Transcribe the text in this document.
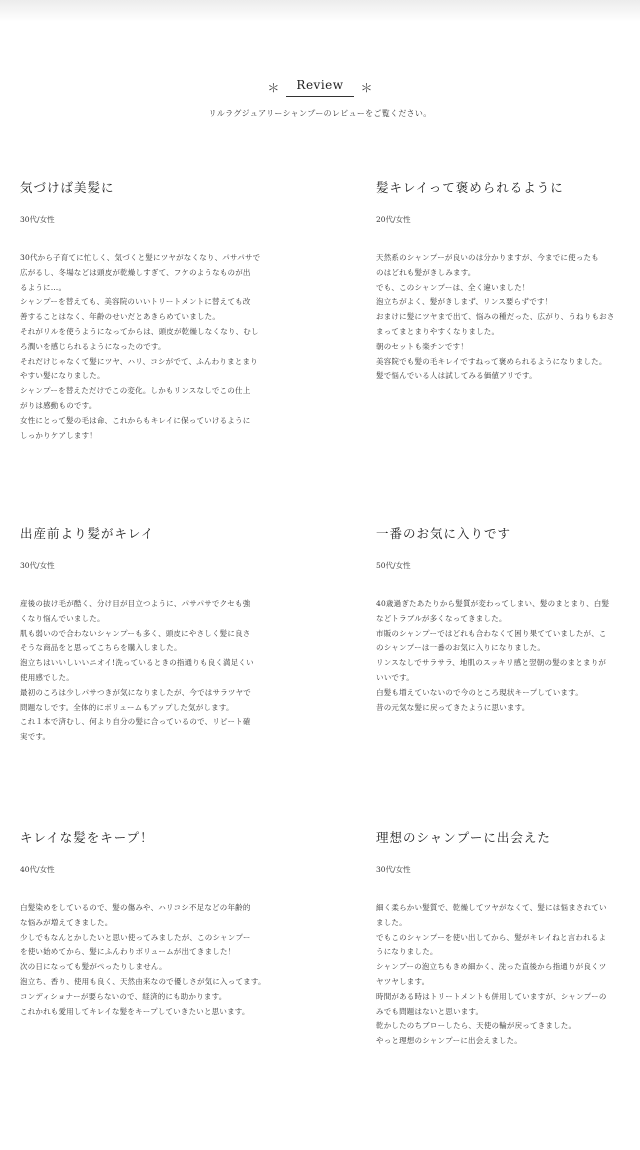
＊	Review	＊
リルラグジュアリーシャンプーのレビューをご覧ください。
気づけば美髪に
30代/女性
30代から子育てに忙しく、気づくと髪にツヤがなくなり、パサパサで
広がるし、冬場などは頭皮が乾燥しすぎて、フケのようなものが出
るように…。
シャンプーを替えても、美容院のいいトリートメントに替えても改
善することはなく、年齢のせいだとあきらめていました。
それがリルを使うようになってからは、頭皮が乾燥しなくなり、むし
ろ潤いを感じられるようになったのです。
それだけじゃなくて髪にツヤ、ハリ、コシがでて、ふんわりまとまり
やすい髪になりました。
シャンプーを替えただけでこの変化。しかもリンスなしでこの仕上
がりは感動ものです。
女性にとって髪の毛は命、これからもキレイに保っていけるように
しっかりケアします！
髪キレイって褒められるように
20代/女性
天然系のシャンプーが良いのは分かりますが、今までに使ったも
のはどれも髪がきしみます。
でも、このシャンプーは、全く違いました！
泡立ちがよく、髪がきしまず、リンス要らずです！
おまけに髪にツヤまで出て、悩みの種だった、広がり、うねりもおさ
まってまとまりやすくなりました。
朝のセットも楽チンです！
美容院でも髪の毛キレイですねって褒められるようになりました。
髪で悩んでいる人は試してみる価値アリです。
出産前より髪がキレイ
30代/女性
産後の抜け毛が酷く、分け目が目立つように、パサパサでクセも強
くなり悩んでいました。
肌も弱いので合わないシャンプーも多く、頭皮にやさしく髪に良さ
そうな商品をと思ってこちらを購入しました。
泡立ちはいいしいいニオイ!洗っているときの指通りも良く満足くい
使用感でした。
最初のころは少しパサつきが気になりましたが、今ではサラツヤで
問題なしです。全体的にボリュームもアップした気がします。
これ１本で済むし、何より自分の髪に合っているので、リピート確
実です。
一番のお気に入りです
50代/女性
40歳過ぎたあたりから髪質が変わってしまい、髪のまとまり、白髪
などトラブルが多くなってきました。
市販のシャンプーではどれも合わなくて困り果てていましたが、こ
のシャンプーは一番のお気に入りになりました。
リンスなしでサラサラ、地肌のスッキリ感と翌朝の髪のまとまりが
いいです。
白髪も増えていないので今のところ現状キープしています。
昔の元気な髪に戻ってきたように思います。
キレイな髪をキープ！
40代/女性
白髪染めをしているので、髪の傷みや、ハリコシ不足などの年齢的
な悩みが増えてきました。
少しでもなんとかしたいと思い使ってみましたが、このシャンプー
を使い始めてから、髪にふんわりボリュームが出てきました！
次の日になっても髪がぺったりしません。
泡立ち、香り、使用も良く、天然由来なので優しさが気に入ってます。
コンディショナーが要らないので、経済的にも助かります。
これかれも愛用してキレイな髪をキープしていきたいと思います。
理想のシャンプーに出会えた
30代/女性
細く柔らかい髪質で、乾燥してツヤがなくて、髪には悩まされてい
ました。
でもこのシャンプーを使い出してから、髪がキレイねと言われるよ
うになりました。
シャンプーの泡立ちもきめ細かく、洗った直後から指通りが良くツ
ヤツヤします。
時間がある時はトリートメントも併用していますが、シャンプーの
みでも問題はないと思います。
乾かしたのちブローしたら、天使の輪が戻ってきました。
やっと理想のシャンプーに出会えました。
